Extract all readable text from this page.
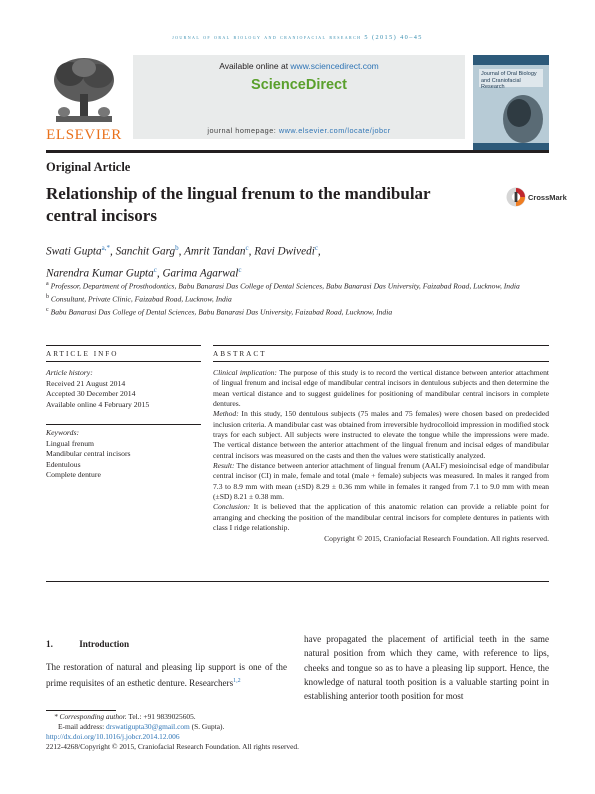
journal of oral biology and craniofacial research 5 (2015) 40–45
ELSEVIER
Available online at www.sciencedirect.com
ScienceDirect
journal homepage: www.elsevier.com/locate/jobcr
Journal of Oral Biology and Craniofacial Research
Original Article
Relationship of the lingual frenum to the mandibular central incisors
CrossMark
Swati Gupta$^{a,*}$, Sanchit Garg$^b$, Amrit Tandan$^c$, Ravi Dwivedi$^c$,
Narendra Kumar Gupta$^c$, Garima Agarwal$^c$
$^a$ Professor, Department of Prosthodontics, Babu Banarasi Das College of Dental Sciences, Babu Banarasi Das University, Faizabad Road, Lucknow, India
$^b$ Consultant, Private Clinic, Faizabad Road, Lucknow, India
$^c$ Babu Banarasi Das College of Dental Sciences, Babu Banarasi Das University, Faizabad Road, Lucknow, India
ARTICLE INFO
Article history:
Received 21 August 2014
Accepted 30 December 2014
Available online 4 February 2015
Keywords:
Lingual frenum
Mandibular central incisors
Edentulous
Complete denture
ABSTRACT

Clinical implication: The purpose of this study is to record the vertical distance between anterior attachment of lingual frenum and incisal edge of mandibular central incisors in dentulous subjects and then determine the mean vertical distance and to suggest guidelines for positioning of mandibular central incisors in complete dentures.

Method: In this study, 150 dentulous subjects (75 males and 75 females) were chosen based on predecided inclusion criteria. A mandibular cast was obtained from irreversible hydrocolloid impression in modified stock trays for each subject. All subjects were instructed to elevate the tongue while the impressions were made. The vertical distance between the anterior attachment of the lingual frenum and incisal edges of mandibular central incisors was measured on the casts and then the values were statistically analyzed.

Result: The distance between anterior attachment of lingual frenum (AALF) mesioincisal edge of mandibular central incisor (CI) in male, female and total (male + female) subjects was measured. In males it ranged from 7.3 to 8.9 mm with mean (±SD) 8.29 ± 0.36 mm while in females it ranged from 7.1 to 9.0 mm with mean (±SD) 8.21 ± 0.38 mm.

Conclusion: It is believed that the application of this anatomic relation can provide a reliable point for arranging and checking the position of the mandibular central incisors for complete dentures in patients with class I ridge relationship.

Copyright © 2015, Craniofacial Research Foundation. All rights reserved.

1.	Introduction
The restoration of natural and pleasing lip support is one of the prime requisites of an esthetic denture. Researchers$^{1,2}$
have propagated the placement of artificial teeth in the same natural position from which they came, with reference to lips, cheeks and tongue so as to have a pleasing lip support. Hence, the knowledge of natural tooth position is a valuable starting point in establishing anterior tooth position for most
* Corresponding author. Tel.: +91 9839025605.
E-mail address: drswatigupta30@gmail.com (S. Gupta).
http://dx.doi.org/10.1016/j.jobcr.2014.12.006
2212-4268/Copyright © 2015, Craniofacial Research Foundation. All rights reserved.
